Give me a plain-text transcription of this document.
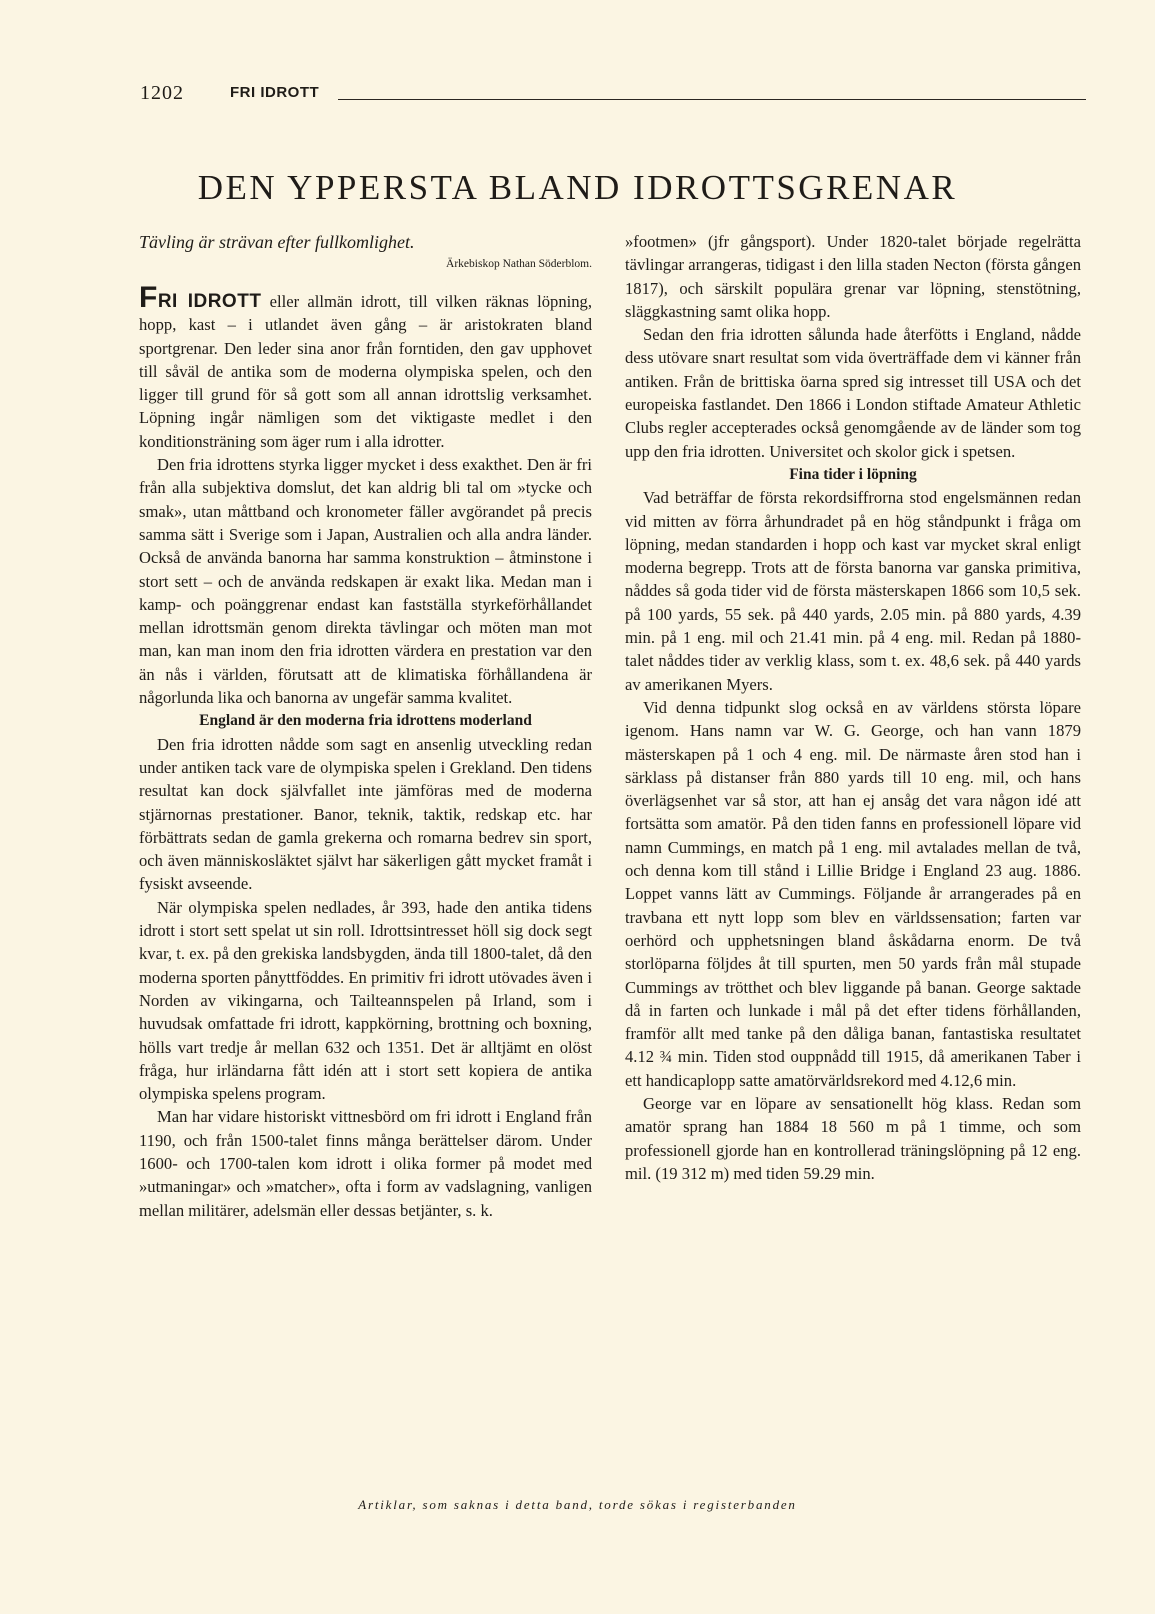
1202	FRI IDROTT
DEN YPPERSTA BLAND IDROTTSGRENAR

Tävling är strävan efter fullkomlighet.

Ärkebiskop Nathan Söderblom.

FRI IDROTT eller allmän idrott, till vilken räknas löpning, hopp, kast – i utlandet även gång – är aristokraten bland sportgrenar. Den leder sina anor från forntiden, den gav upphovet till såväl de antika som de moderna olympiska spelen, och den ligger till grund för så gott som all annan idrottslig verksamhet. Löpning ingår nämligen som det viktigaste medlet i den konditionsträning som äger rum i alla idrotter.

Den fria idrottens styrka ligger mycket i dess exakthet. Den är fri från alla subjektiva domslut, det kan aldrig bli tal om »tycke och smak», utan måttband och kronometer fäller avgörandet på precis samma sätt i Sverige som i Japan, Australien och alla andra länder. Också de använda banorna har samma konstruktion – åtminstone i stort sett – och de använda redskapen är exakt lika. Medan man i kamp- och poänggrenar endast kan fastställa styrkeförhållandet mellan idrottsmän genom direkta tävlingar och möten man mot man, kan man inom den fria idrotten värdera en prestation var den än nås i världen, förutsatt att de klimatiska förhållandena är någorlunda lika och banorna av ungefär samma kvalitet.

England är den moderna fria idrottens moderland

Den fria idrotten nådde som sagt en ansenlig utveckling redan under antiken tack vare de olympiska spelen i Grekland. Den tidens resultat kan dock självfallet inte jämföras med de moderna stjärnornas prestationer. Banor, teknik, taktik, redskap etc. har förbättrats sedan de gamla grekerna och romarna bedrev sin sport, och även människosläktet självt har säkerligen gått mycket framåt i fysiskt avseende.

När olympiska spelen nedlades, år 393, hade den antika tidens idrott i stort sett spelat ut sin roll. Idrottsintresset höll sig dock segt kvar, t. ex. på den grekiska landsbygden, ända till 1800-talet, då den moderna sporten pånyttföddes. En primitiv fri idrott utövades även i Norden av vikingarna, och Tailteannspelen på Irland, som i huvudsak omfattade fri idrott, kappkörning, brottning och boxning, hölls vart tredje år mellan 632 och 1351. Det är alltjämt en olöst fråga, hur irländarna fått idén att i stort sett kopiera de antika olympiska spelens program.

Man har vidare historiskt vittnesbörd om fri idrott i England från 1190, och från 1500-talet finns många berättelser därom. Under 1600- och 1700-talen kom idrott i olika former på modet med »utmaningar» och »matcher», ofta i form av vadslagning, vanligen mellan militärer, adelsmän eller dessas betjänter, s. k.

»footmen» (jfr gångsport). Under 1820-talet började regelrätta tävlingar arrangeras, tidigast i den lilla staden Necton (första gången 1817), och särskilt populära grenar var löpning, stenstötning, släggkastning samt olika hopp.

Sedan den fria idrotten sålunda hade återfötts i England, nådde dess utövare snart resultat som vida överträffade dem vi känner från antiken. Från de brittiska öarna spred sig intresset till USA och det europeiska fastlandet. Den 1866 i London stiftade Amateur Athletic Clubs regler accepterades också genomgående av de länder som tog upp den fria idrotten. Universitet och skolor gick i spetsen.

Fina tider i löpning

Vad beträffar de första rekordsiffrorna stod engelsmännen redan vid mitten av förra århundradet på en hög ståndpunkt i fråga om löpning, medan standarden i hopp och kast var mycket skral enligt moderna begrepp. Trots att de första banorna var ganska primitiva, nåddes så goda tider vid de första mästerskapen 1866 som 10,5 sek. på 100 yards, 55 sek. på 440 yards, 2.05 min. på 880 yards, 4.39 min. på 1 eng. mil och 21.41 min. på 4 eng. mil. Redan på 1880-talet nåddes tider av verklig klass, som t. ex. 48,6 sek. på 440 yards av amerikanen Myers.

Vid denna tidpunkt slog också en av världens största löpare igenom. Hans namn var W. G. George, och han vann 1879 mästerskapen på 1 och 4 eng. mil. De närmaste åren stod han i särklass på distanser från 880 yards till 10 eng. mil, och hans överlägsenhet var så stor, att han ej ansåg det vara någon idé att fortsätta som amatör. På den tiden fanns en professionell löpare vid namn Cummings, en match på 1 eng. mil avtalades mellan de två, och denna kom till stånd i Lillie Bridge i England 23 aug. 1886. Loppet vanns lätt av Cummings. Följande år arrangerades på en travbana ett nytt lopp som blev en världssensation; farten var oerhörd och upphetsningen bland åskådarna enorm. De två storlöparna följdes åt till spurten, men 50 yards från mål stupade Cummings av trötthet och blev liggande på banan. George saktade då in farten och lunkade i mål på det efter tidens förhållanden, framför allt med tanke på den dåliga banan, fantastiska resultatet 4.12 ¾ min. Tiden stod ouppnådd till 1915, då amerikanen Taber i ett handicaplopp satte amatörvärldsrekord med 4.12,6 min.

George var en löpare av sensationellt hög klass. Redan som amatör sprang han 1884 18 560 m på 1 timme, och som professionell gjorde han en kontrollerad träningslöpning på 12 eng. mil. (19 312 m) med tiden 59.29 min.

Artiklar, som saknas i detta band, torde sökas i registerbanden
